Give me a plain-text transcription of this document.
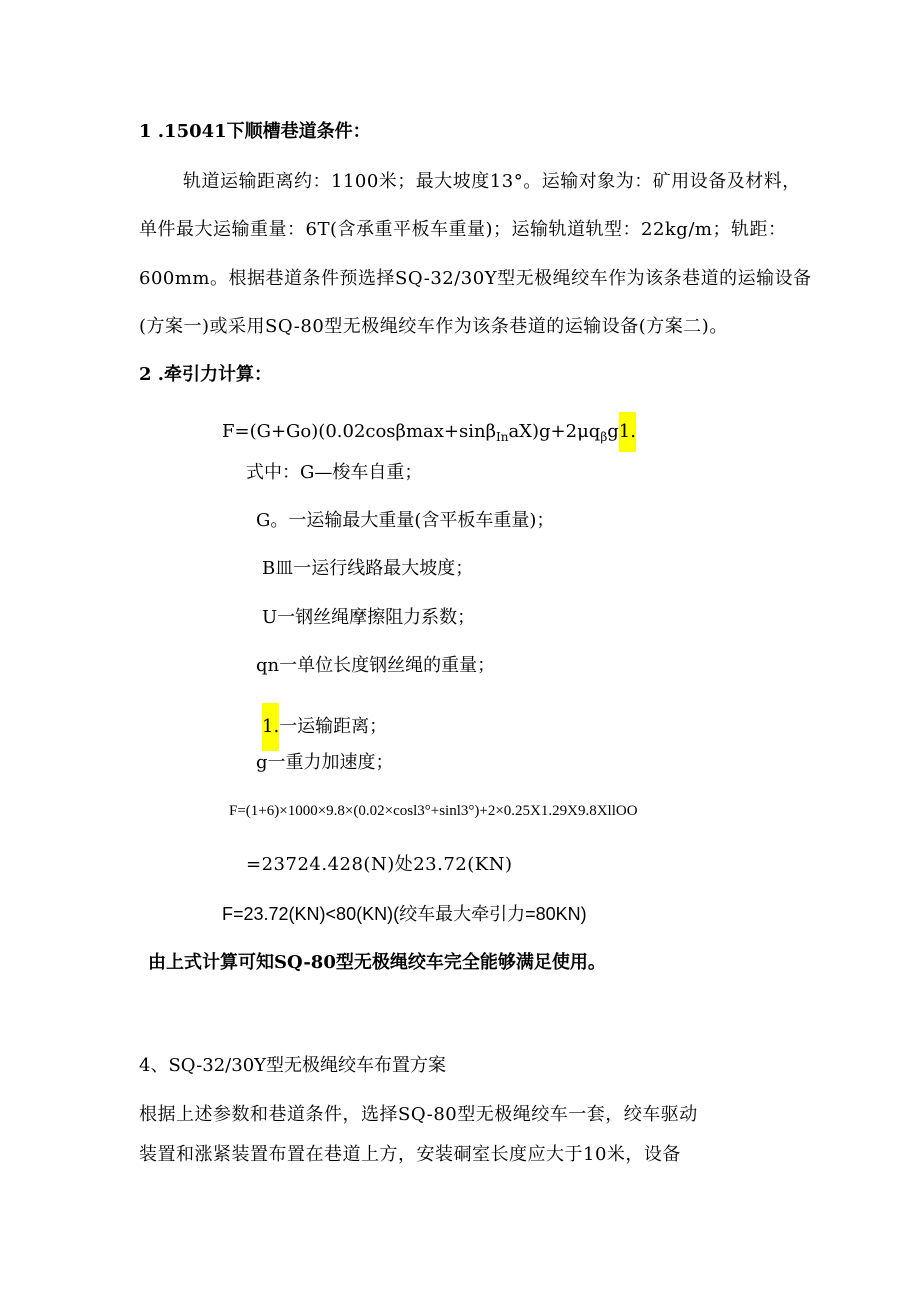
1 .15041下顺槽巷道条件：
轨道运输距离约：1100米；最大坡度13°。运输对象为：矿用设备及材料，
单件最大运输重量：6T(含承重平板车重量)；运输轨道轨型：22kg/m；轨距：
600mm。根据巷道条件预选择SQ-32/30Y型无极绳绞车作为该条巷道的运输设备
(方案一)或采用SQ-80型无极绳绞车作为该条巷道的运输设备(方案二)。
2 .牵引力计算：
$F=(G+Go)(0.02\cos\beta\max+\sin\beta_{In}aX)g+2\mu q_\beta g1$.
式中：G—梭车自重；
G。一运输最大重量(含平板车重量)；
B皿一运行线路最大坡度；
U一钢丝绳摩擦阻力系数；
qn一单位长度钢丝绳的重量；
1.一运输距离；
g一重力加速度；
F=(1+6)×1000×9.8×(0.02×cosl3°+sinl3°)+2×0.25X1.29X9.8XllOO
=23724.428(N)处23.72(KN)
F=23.72(KN)<80(KN)(绞车最大牵引力=80KN)
由上式计算可知SQ-80型无极绳绞车完全能够满足使用。
4、SQ-32/30Y型无极绳绞车布置方案
根据上述参数和巷道条件，选择SQ-80型无极绳绞车一套，绞车驱动
装置和涨紧装置布置在巷道上方，安装硐室长度应大于10米，设备
